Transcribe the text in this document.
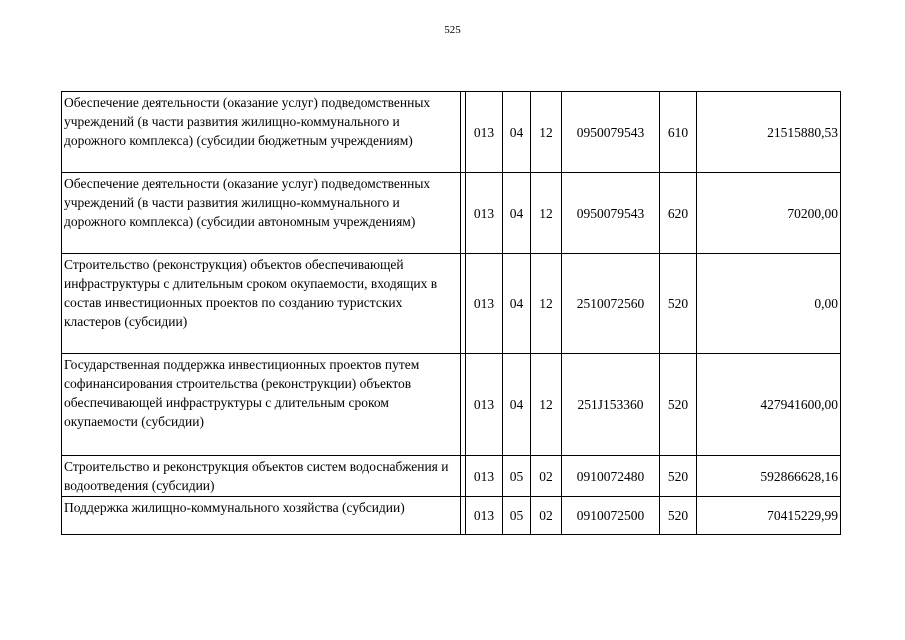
525
Обеспечение деятельности (оказание услуг) подведомственных учреждений (в части развития жилищно-коммунального и дорожного комплекса) (субсидии бюджетным учреждениям)		013	04	12	0950079543	610	21515880,53

Обеспечение деятельности (оказание услуг) подведомственных учреждений (в части развития жилищно-коммунального и дорожного комплекса) (субсидии автономным учреждениям)		013	04	12	0950079543	620	70200,00

Строительство (реконструкция) объектов обеспечивающей инфраструктуры с длительным сроком окупаемости, входящих в состав инвестиционных проектов по созданию туристских кластеров (субсидии)		013	04	12	2510072560	520	0,00

Государственная поддержка инвестиционных проектов путем софинансирования строительства (реконструкции) объектов обеспечивающей инфраструктуры с длительным сроком окупаемости (субсидии)		013	04	12	251J153360	520	427941600,00

Строительство и реконструкция объектов систем водоснабжения и водоотведения (субсидии)		013	05	02	0910072480	520	592866628,16

Поддержка жилищно-коммунального хозяйства (субсидии)		013	05	02	0910072500	520	70415229,99
